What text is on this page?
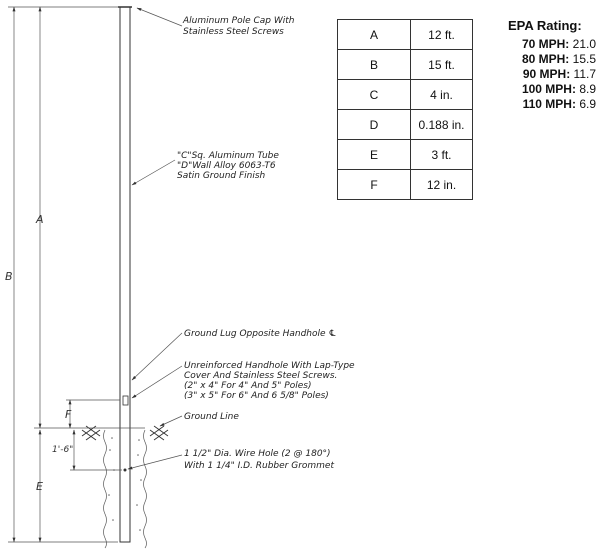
B
A
E
F
1'-6"
Aluminum Pole Cap With Stainless Steel Screws
"C"Sq. Aluminum Tube "D"Wall Alloy 6063-T6 Satin Ground Finish
Ground Lug Opposite Handhole ℄
Unreinforced Handhole With Lap-Type Cover And Stainless Steel Screws. (2" x 4" For 4" And 5" Poles) (3" x 5" For 6" And 6 5/8" Poles)
Ground Line
1 1/2" Dia. Wire Hole (2 @ 180°) With 1 1/4" I.D. Rubber Grommet
A	12 ft.
B	15 ft.
C	4 in.
D	0.188 in.
E	3 ft.
F	12 in.
EPA Rating:
70 MPH: 21.0
80 MPH: 15.5
90 MPH: 11.7
100 MPH: 8.9
110 MPH: 6.9
